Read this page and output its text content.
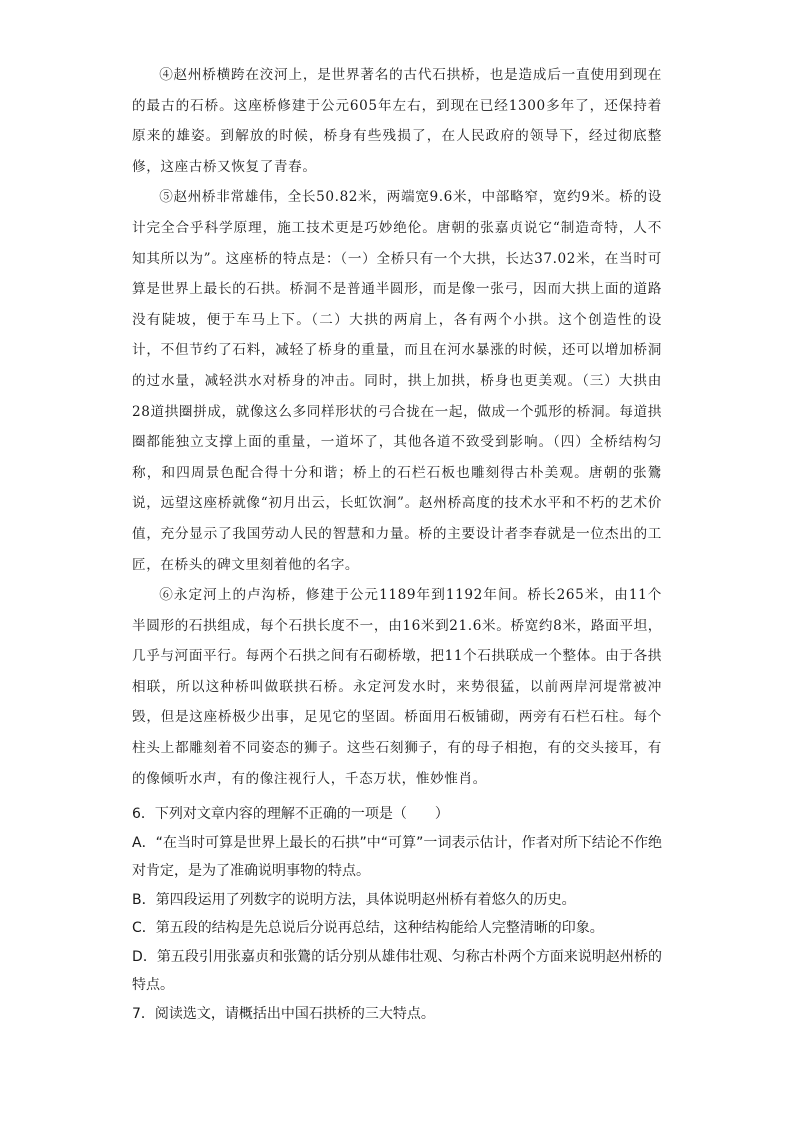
④赵州桥横跨在洨河上，是世界著名的古代石拱桥，也是造成后一直使用到现在的最古的石桥。这座桥修建于公元605年左右，到现在已经1300多年了，还保持着原来的雄姿。到解放的时候，桥身有些残损了，在人民政府的领导下，经过彻底整修，这座古桥又恢复了青春。

⑤赵州桥非常雄伟，全长50.82米，两端宽9.6米，中部略窄，宽约9米。桥的设计完全合乎科学原理，施工技术更是巧妙绝伦。唐朝的张嘉贞说它“制造奇特，人不知其所以为”。这座桥的特点是：（一）全桥只有一个大拱，长达37.02米，在当时可算是世界上最长的石拱。桥洞不是普通半圆形，而是像一张弓，因而大拱上面的道路没有陡坡，便于车马上下。（二）大拱的两肩上，各有两个小拱。这个创造性的设计，不但节约了石料，减轻了桥身的重量，而且在河水暴涨的时候，还可以增加桥洞的过水量，减轻洪水对桥身的冲击。同时，拱上加拱，桥身也更美观。（三）大拱由28道拱圈拼成，就像这么多同样形状的弓合拢在一起，做成一个弧形的桥洞。每道拱圈都能独立支撑上面的重量，一道坏了，其他各道不致受到影响。（四）全桥结构匀称，和四周景色配合得十分和谐；桥上的石栏石板也雕刻得古朴美观。唐朝的张鷟说，远望这座桥就像“初月出云，长虹饮涧”。赵州桥高度的技术水平和不朽的艺术价值，充分显示了我国劳动人民的智慧和力量。桥的主要设计者李春就是一位杰出的工匠，在桥头的碑文里刻着他的名字。

⑥永定河上的卢沟桥，修建于公元1189年到1192年间。桥长265米，由11个半圆形的石拱组成，每个石拱长度不一，由16米到21.6米。桥宽约8米，路面平坦，几乎与河面平行。每两个石拱之间有石砌桥墩，把11个石拱联成一个整体。由于各拱相联，所以这种桥叫做联拱石桥。永定河发水时，来势很猛，以前两岸河堤常被冲毁，但是这座桥极少出事，足见它的坚固。桥面用石板铺砌，两旁有石栏石柱。每个柱头上都雕刻着不同姿态的狮子。这些石刻狮子，有的母子相抱，有的交头接耳，有的像倾听水声，有的像注视行人，千态万状，惟妙惟肖。

6．下列对文章内容的理解不正确的一项是（　　）

A．“在当时可算是世界上最长的石拱”中“可算”一词表示估计，作者对所下结论不作绝对肯定，是为了准确说明事物的特点。

B．第四段运用了列数字的说明方法，具体说明赵州桥有着悠久的历史。

C．第五段的结构是先总说后分说再总结，这种结构能给人完整清晰的印象。

D．第五段引用张嘉贞和张鷟的话分别从雄伟壮观、匀称古朴两个方面来说明赵州桥的特点。

7．阅读选文，请概括出中国石拱桥的三大特点。
